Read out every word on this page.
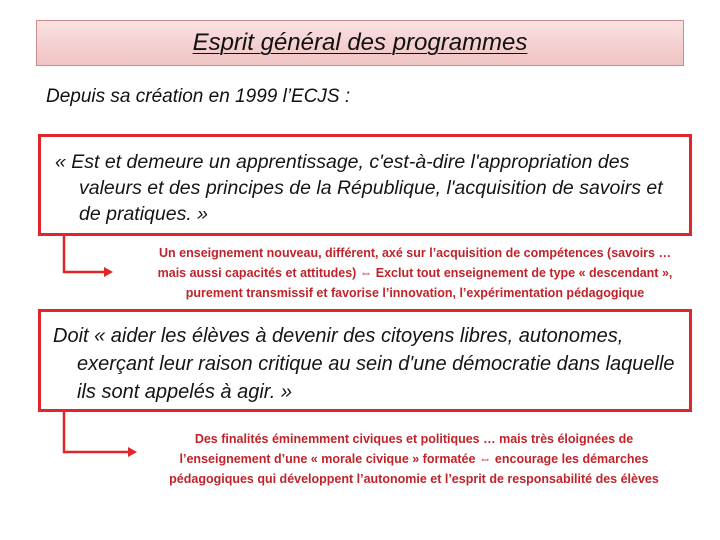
Esprit général des programmes
Depuis sa création en 1999 l’ECJS :

« Est et demeure un apprentissage, c'est-à-dire l'appropriation des valeurs et des principes de la République, l'acquisition de savoirs et de pratiques. »

Un enseignement nouveau, différent, axé sur l’acquisition de compétences (savoirs …
mais aussi capacités et attitudes) ⇔ Exclut tout enseignement de type « descendant »,
purement transmissif et favorise l’innovation, l’expérimentation pédagogique

Doit « aider les élèves à devenir des citoyens libres, autonomes, exerçant leur raison critique au sein d'une démocratie dans laquelle ils sont appelés à agir. »

Des finalités éminemment civiques et politiques … mais très éloignées de
l’enseignement d’une « morale civique » formatée ⇔ encourage les démarches
pédagogiques qui développent l’autonomie et l’esprit de responsabilité des élèves
